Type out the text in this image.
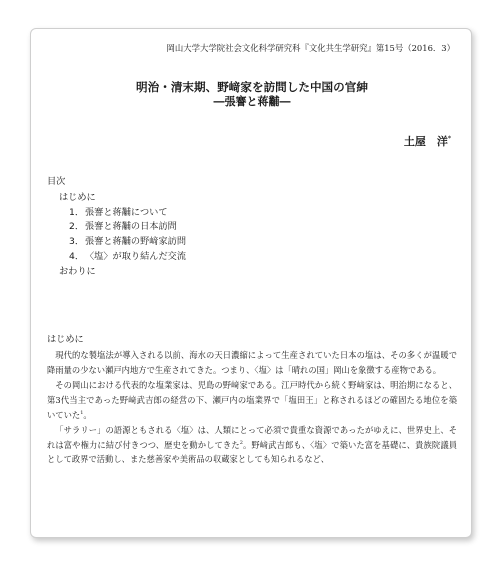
岡山大学大学院社会文化科学研究科『文化共生学研究』第15号（2016．3）
明治・清末期、野﨑家を訪問した中国の官紳
―張謇と蒋黼―
土屋　洋*
目次
はじめに
1．張謇と蒋黼について
2．張謇と蒋黼の日本訪問
3．張謇と蒋黼の野﨑家訪問
4．〈塩〉が取り結んだ交流
おわりに
はじめに

現代的な製塩法が導入される以前、海水の天日濃縮によって生産されていた日本の塩は、その多くが温暖で降雨量の少ない瀬戸内地方で生産されてきた。つまり、〈塩〉は「晴れの国」岡山を象徴する産物である。

その岡山における代表的な塩業家は、児島の野﨑家である。江戸時代から続く野﨑家は、明治期になると、第3代当主であった野﨑武吉郎の経営の下、瀬戸内の塩業界で「塩田王」と称されるほどの確固たる地位を築いていた$^1$。

「サラリー」の語源ともされる〈塩〉は、人類にとって必須で貴重な資源であったがゆえに、世界史上、それは富や権力に結び付きつつ、歴史を動かしてきた$^2$。野﨑武吉郎も、〈塩〉で築いた富を基礎に、貴族院議員として政界で活動し、また慈善家や美術品の収蔵家としても知られるなど、
